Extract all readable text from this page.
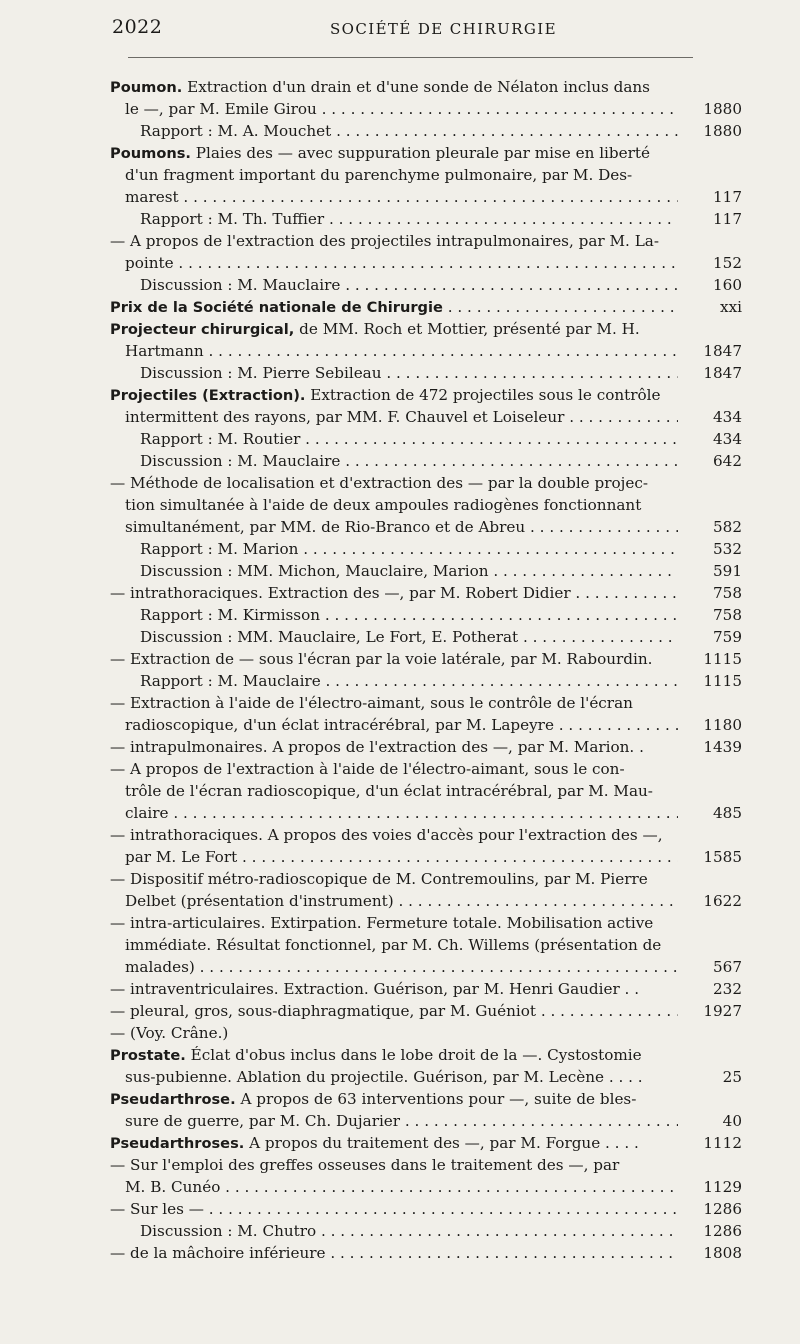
2022	SOCIÉTÉ DE CHIRURGIE
Poumon. Extraction d'un drain et d'une sonde de Nélaton inclus dans
le —, par M. Emile Girou . . .	1880
Rapport : M. A. Mouchet . . .	1880
Poumons. Plaies des — avec suppuration pleurale par mise en liberté
d'un fragment important du parenchyme pulmonaire, par M. Des-
marest . . .	117
Rapport : M. Th. Tuffier . . .	117
— A propos de l'extraction des projectiles intrapulmonaires, par M. La-
pointe . . .	152
Discussion : M. Mauclaire . . .	160
Prix de la Société nationale de Chirurgie . . .	xxi
Projecteur chirurgical, de MM. Roch et Mottier, présenté par M. H.
Hartmann . . .	1847
Discussion : M. Pierre Sebileau . . .	1847
Projectiles (Extraction). Extraction de 472 projectiles sous le contrôle
intermittent des rayons, par MM. F. Chauvel et Loiseleur . . .	434
Rapport : M. Routier . . .	434
Discussion : M. Mauclaire . . .	642
— Méthode de localisation et d'extraction des — par la double projec-
tion simultanée à l'aide de deux ampoules radiogènes fonctionnant
simultanément, par MM. de Rio-Branco et de Abreu . . .	582
Rapport : M. Marion . . .	532
Discussion : MM. Michon, Mauclaire, Marion . . .	591
— intrathoraciques. Extraction des —, par M. Robert Didier . . .	758
Rapport : M. Kirmisson . . .	758
Discussion : MM. Mauclaire, Le Fort, E. Potherat . . .	759
— Extraction de — sous l'écran par la voie latérale, par M. Rabourdin.	1115
Rapport : M. Mauclaire . . .	1115
— Extraction à l'aide de l'électro-aimant, sous le contrôle de l'écran
radioscopique, d'un éclat intracérébral, par M. Lapeyre . . .	1180
— intrapulmonaires. A propos de l'extraction des —, par M. Marion. .	1439
— A propos de l'extraction à l'aide de l'électro-aimant, sous le con-
trôle de l'écran radioscopique, d'un éclat intracérébral, par M. Mau-
claire . . .	485
— intrathoraciques. A propos des voies d'accès pour l'extraction des —,
par M. Le Fort . . .	1585
— Dispositif métro-radioscopique de M. Contremoulins, par M. Pierre
Delbet (présentation d'instrument) . . .	1622
— intra-articulaires. Extirpation. Fermeture totale. Mobilisation active
immédiate. Résultat fonctionnel, par M. Ch. Willems (présentation de
malades) . . .	567
— intraventriculaires. Extraction. Guérison, par M. Henri Gaudier . .	232
— pleural, gros, sous-diaphragmatique, par M. Guéniot . . .	1927
— (Voy. Crâne.)
Prostate. Éclat d'obus inclus dans le lobe droit de la —. Cystostomie
sus-pubienne. Ablation du projectile. Guérison, par M. Lecène . . . .	25
Pseudarthrose. A propos de 63 interventions pour —, suite de bles-
sure de guerre, par M. Ch. Dujarier . . .	40
Pseudarthroses. A propos du traitement des —, par M. Forgue . . . .	1112
— Sur l'emploi des greffes osseuses dans le traitement des —, par
M. B. Cunéo . . .	1129
— Sur les — . . .	1286
Discussion : M. Chutro . . .	1286
— de la mâchoire inférieure . . .	1808
